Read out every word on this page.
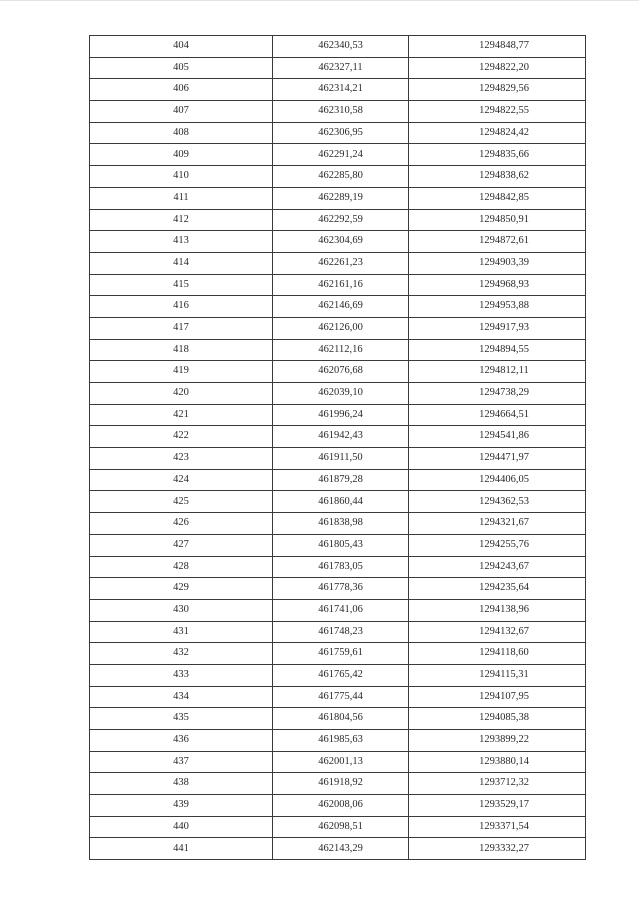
404	462340,53	1294848,77
405	462327,11	1294822,20
406	462314,21	1294829,56
407	462310,58	1294822,55
408	462306,95	1294824,42
409	462291,24	1294835,66
410	462285,80	1294838,62
411	462289,19	1294842,85
412	462292,59	1294850,91
413	462304,69	1294872,61
414	462261,23	1294903,39
415	462161,16	1294968,93
416	462146,69	1294953,88
417	462126,00	1294917,93
418	462112,16	1294894,55
419	462076,68	1294812,11
420	462039,10	1294738,29
421	461996,24	1294664,51
422	461942,43	1294541,86
423	461911,50	1294471,97
424	461879,28	1294406,05
425	461860,44	1294362,53
426	461838,98	1294321,67
427	461805,43	1294255,76
428	461783,05	1294243,67
429	461778,36	1294235,64
430	461741,06	1294138,96
431	461748,23	1294132,67
432	461759,61	1294118,60
433	461765,42	1294115,31
434	461775,44	1294107,95
435	461804,56	1294085,38
436	461985,63	1293899,22
437	462001,13	1293880,14
438	461918,92	1293712,32
439	462008,06	1293529,17
440	462098,51	1293371,54
441	462143,29	1293332,27
